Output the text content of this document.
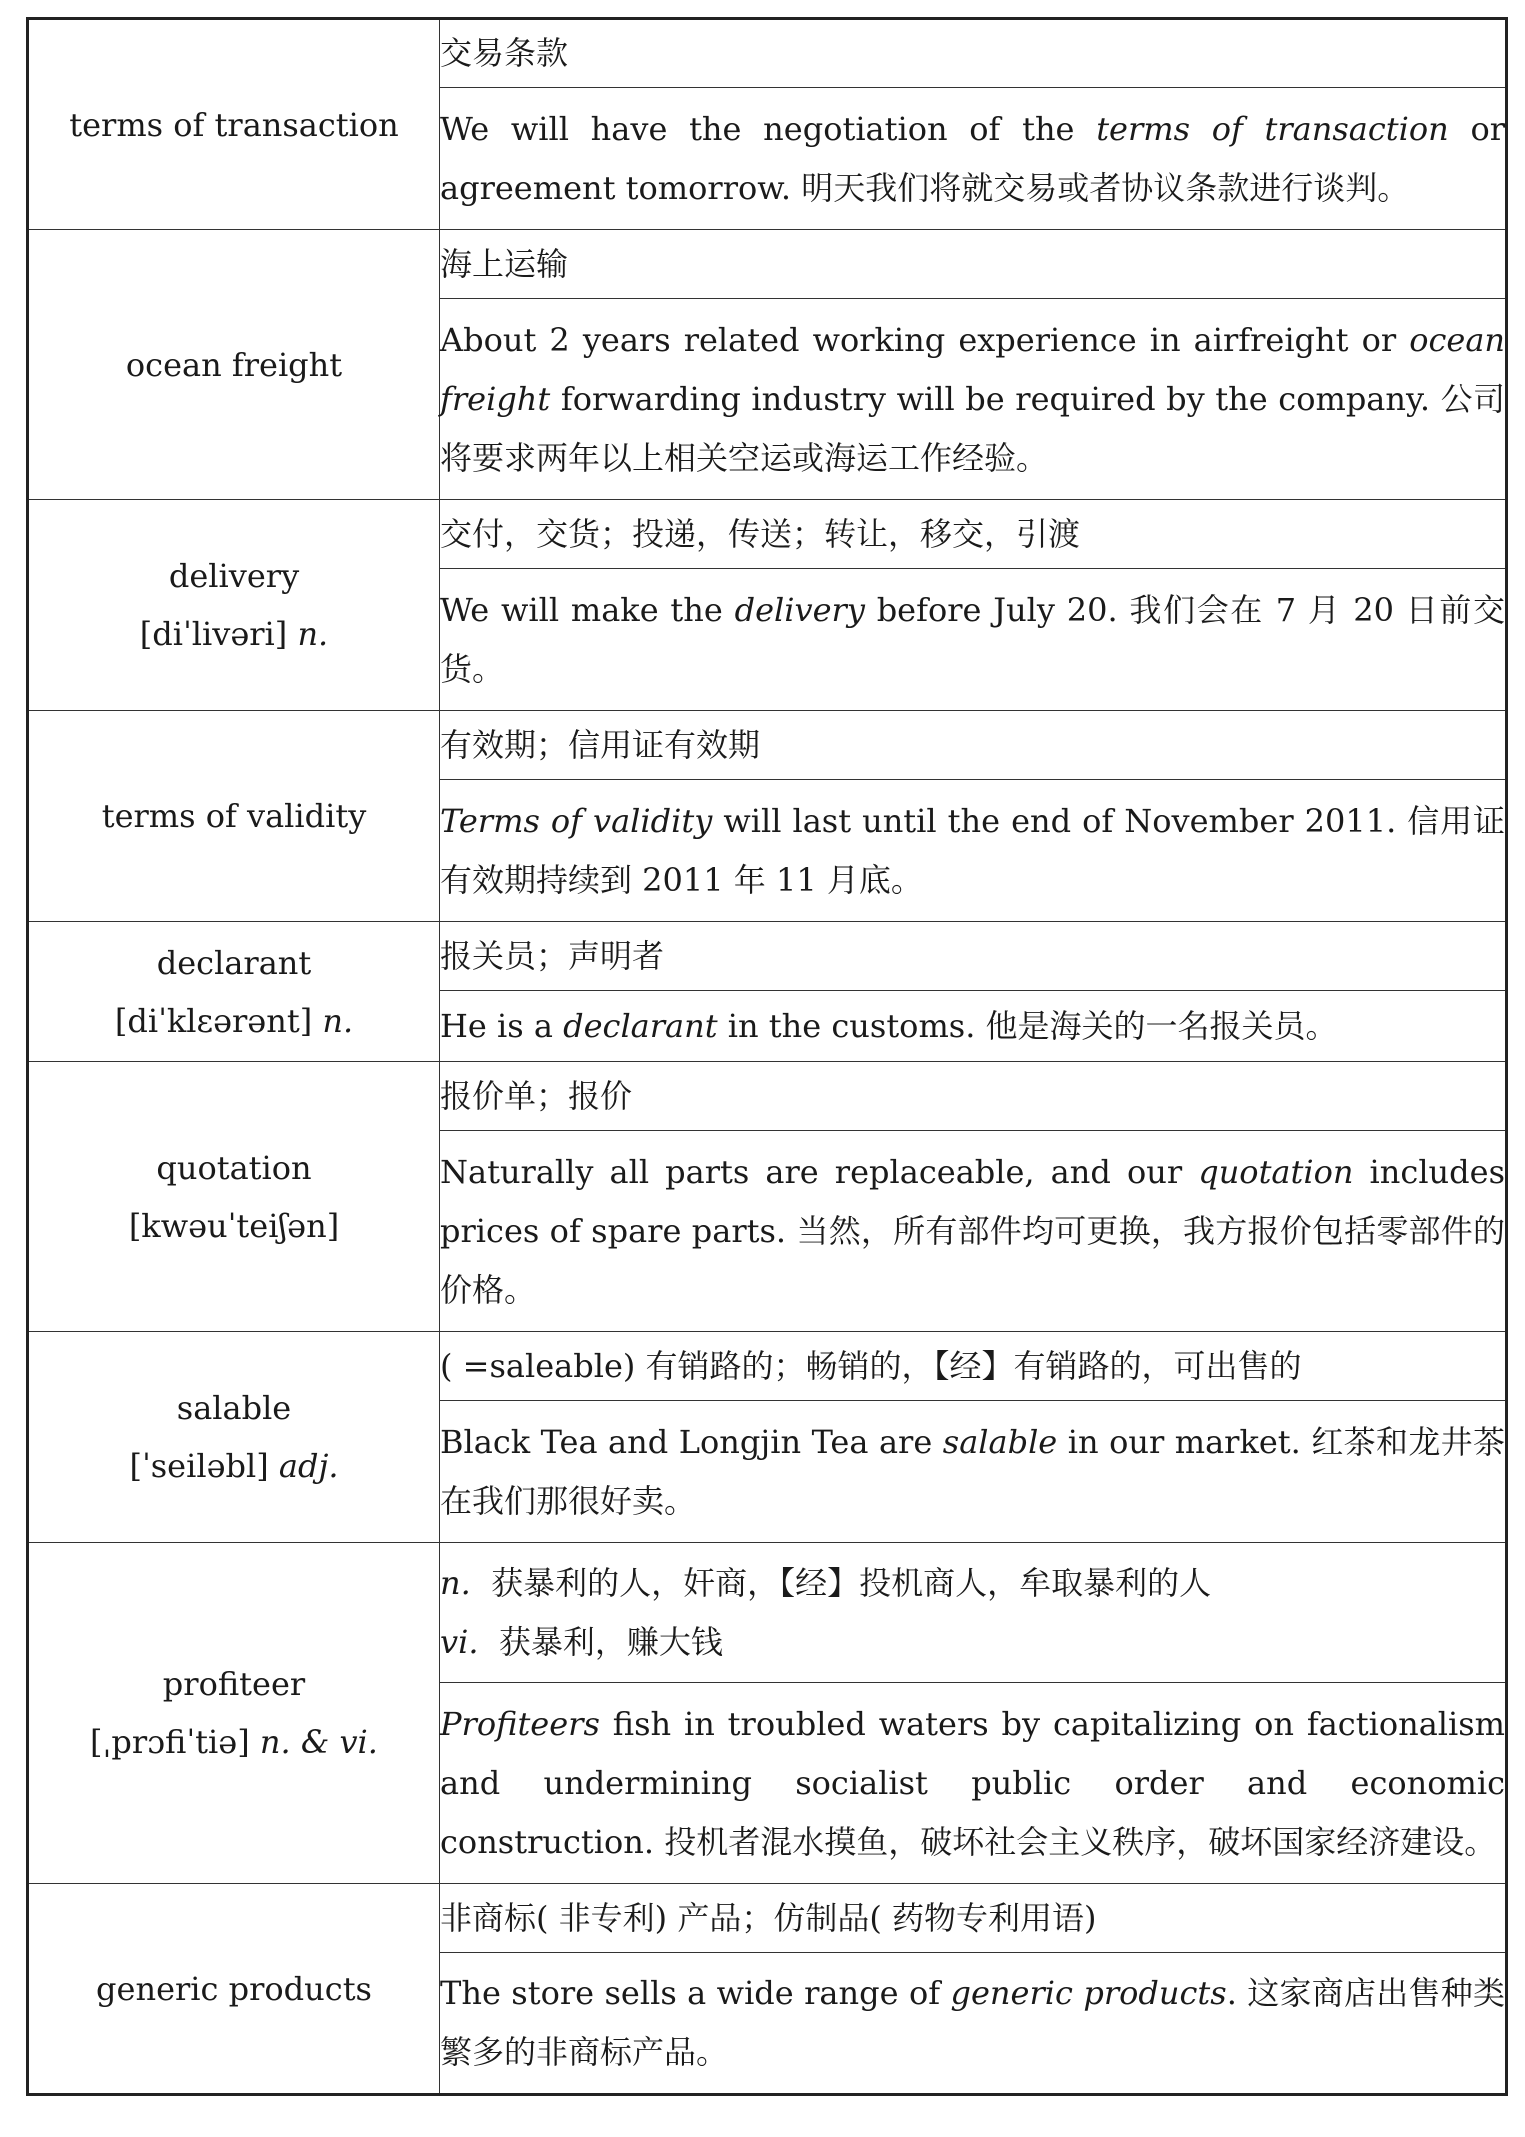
terms of transaction	交易条款
	We will have the negotiation of the terms of transaction or agreement tomorrow. 明天我们将就交易或者协议条款进行谈判。

ocean freight	海上运输
	About 2 years related working experience in airfreight or ocean freight forwarding industry will be required by the company. 公司将要求两年以上相关空运或海运工作经验。

delivery
[diˈlivəri] n.	交付，交货；投递，传送；转让，移交，引渡
	We will make the delivery before July 20. 我们会在 7 月 20 日前交货。

terms of validity	有效期；信用证有效期
	Terms of validity will last until the end of November 2011. 信用证有效期持续到 2011 年 11 月底。

declarant
[diˈklɛərənt] n.	报关员；声明者
	He is a declarant in the customs. 他是海关的一名报关员。

quotation
[kwəuˈteiʃən]	报价单；报价
	Naturally all parts are replaceable, and our quotation includes prices of spare parts. 当然，所有部件均可更换，我方报价包括零部件的价格。

salable
[ˈseiləbl] adj.	( =saleable) 有销路的；畅销的，【经】有销路的，可出售的
	Black Tea and Longjin Tea are salable in our market. 红茶和龙井茶在我们那很好卖。

profiteer
[ˌprɔfiˈtiə] n. & vi.	n. 获暴利的人，奸商，【经】投机商人，牟取暴利的人
vi. 获暴利，赚大钱

	Profiteers fish in troubled waters by capitalizing on factionalism and undermining socialist public order and economic construction. 投机者混水摸鱼，破坏社会主义秩序，破坏国家经济建设。

generic products	非商标( 非专利) 产品；仿制品( 药物专利用语)
	The store sells a wide range of generic products. 这家商店出售种类繁多的非商标产品。
